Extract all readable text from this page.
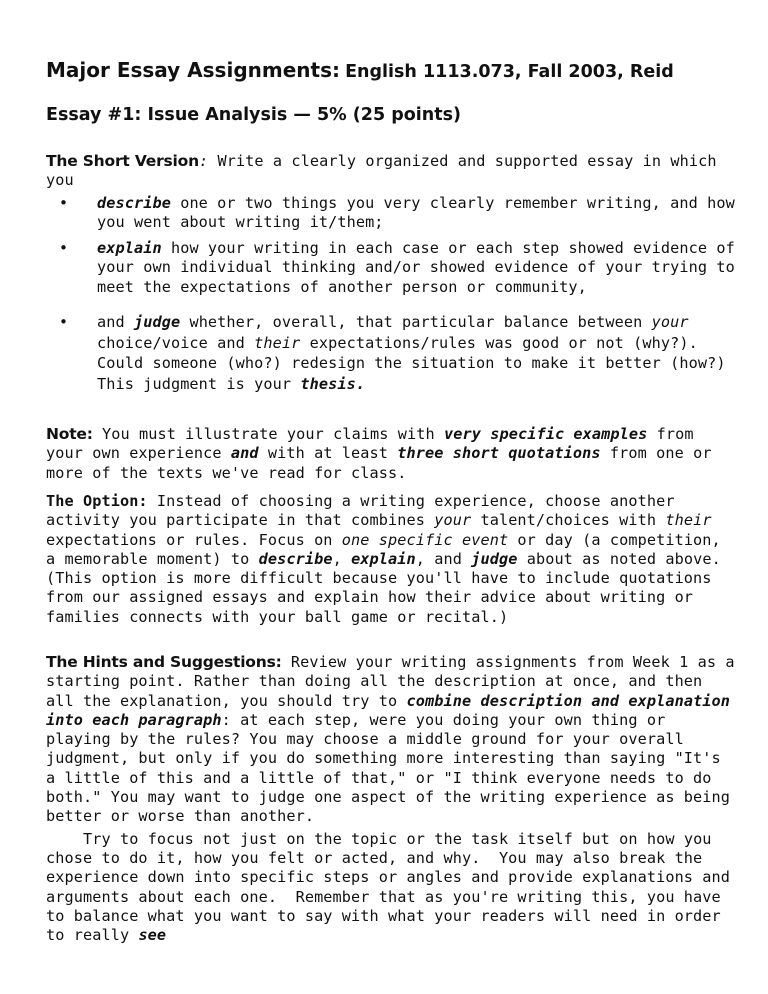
Major Essay Assignments: English 1113.073, Fall 2003, Reid
Essay #1: Issue Analysis — 5% (25 points)

The Short Version: Write a clearly organized and supported essay in which you

• describe one or two things you very clearly remember writing, and how you went about writing it/them;
• explain how your writing in each case or each step showed evidence of your own individual thinking and/or showed evidence of your trying to meet the expectations of another person or community,
• and judge whether, overall, that particular balance between your choice/voice and their expectations/rules was good or not (why?). Could someone (who?) redesign the situation to make it better (how?) This judgment is your thesis.

Note: You must illustrate your claims with very specific examples from your own experience and with at least three short quotations from one or more of the texts we've read for class.

The Option: Instead of choosing a writing experience, choose another activity you participate in that combines your talent/choices with their expectations or rules. Focus on one specific event or day (a competition, a memorable moment) to describe, explain, and judge about as noted above. (This option is more difficult because you'll have to include quotations from our assigned essays and explain how their advice about writing or families connects with your ball game or recital.)

The Hints and Suggestions: Review your writing assignments from Week 1 as a starting point. Rather than doing all the description at once, and then all the explanation, you should try to combine description and explanation into each paragraph: at each step, were you doing your own thing or playing by the rules? You may choose a middle ground for your overall judgment, but only if you do something more interesting than saying "It's a little of this and a little of that," or "I think everyone needs to do both." You may want to judge one aspect of the writing experience as being better or worse than another.

Try to focus not just on the topic or the task itself but on how you chose to do it, how you felt or acted, and why.  You may also break the experience down into specific steps or angles and provide explanations and arguments about each one.  Remember that as you're writing this, you have to balance what you want to say with what your readers will need in order to really see
